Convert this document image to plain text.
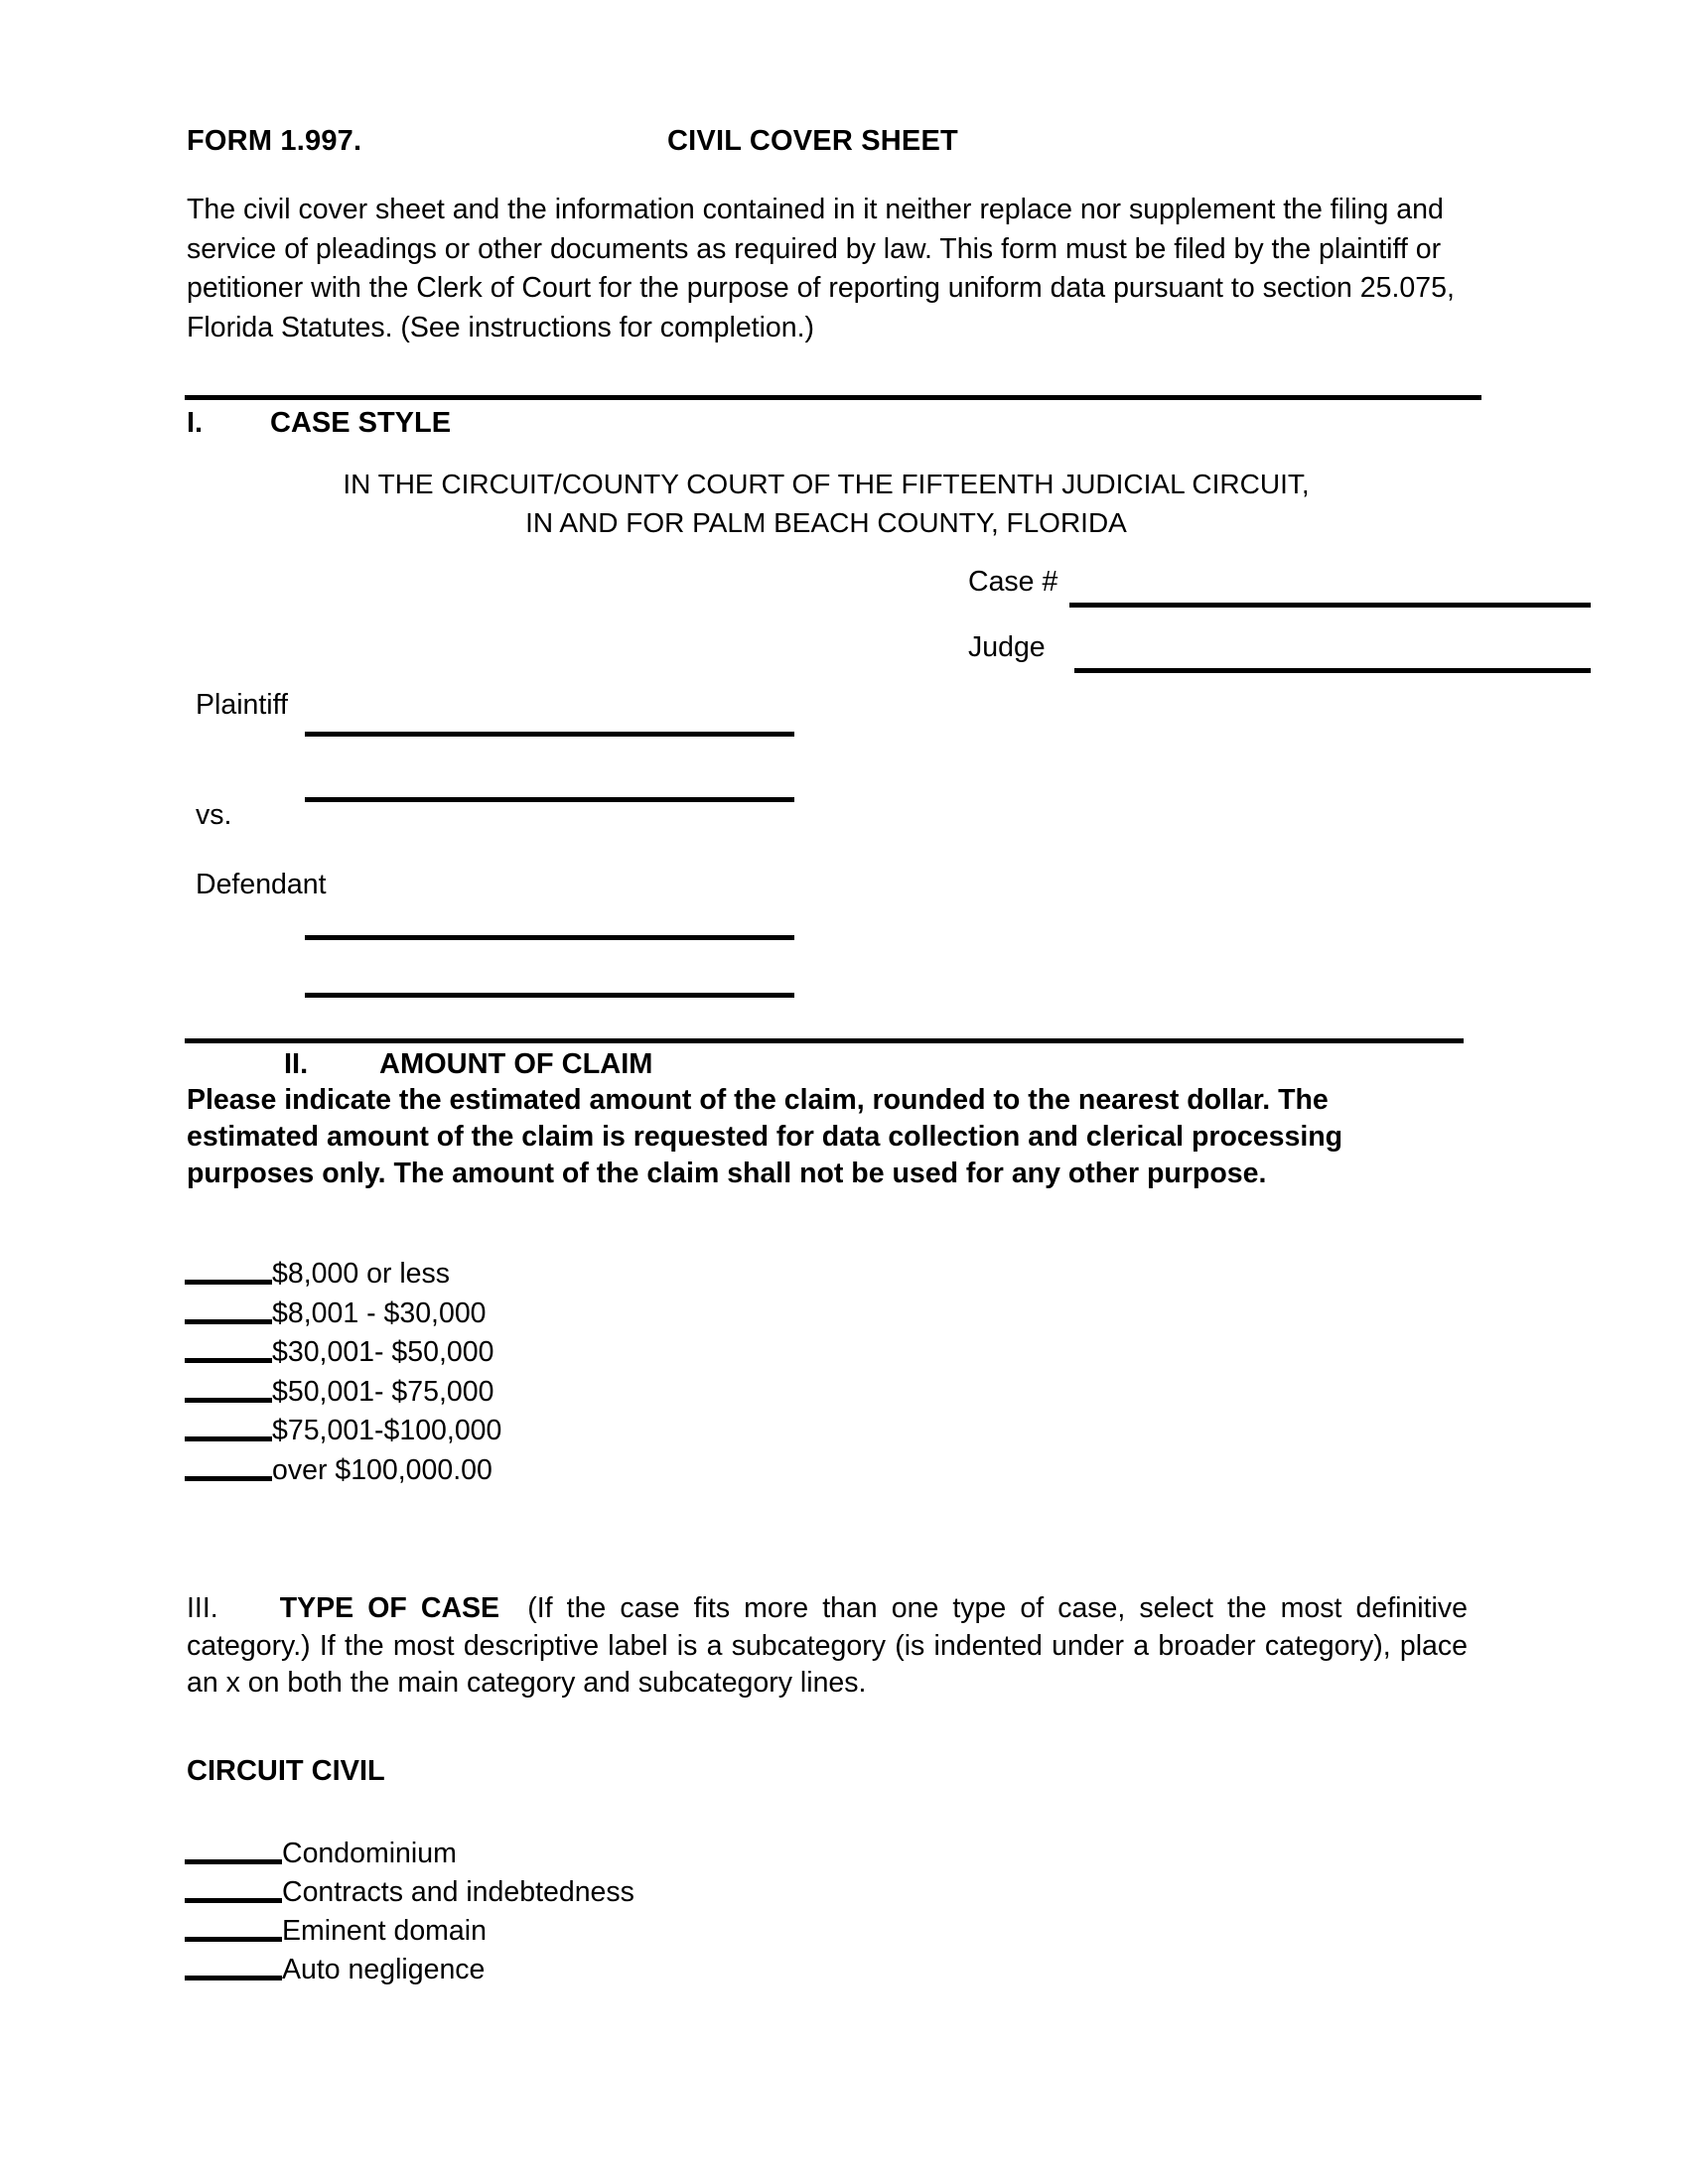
FORM 1.997.	CIVIL COVER SHEET
The civil cover sheet and the information contained in it neither replace nor supplement the filing and service of pleadings or other documents as required by law. This form must be filed by the plaintiff or petitioner with the Clerk of Court for the purpose of reporting uniform data pursuant to section 25.075, Florida Statutes. (See instructions for completion.)
I. CASE STYLE
IN THE CIRCUIT/COUNTY COURT OF THE FIFTEENTH JUDICIAL CIRCUIT,
IN AND FOR PALM BEACH COUNTY, FLORIDA
Case #
Judge
Plaintiff
vs.
Defendant
II. AMOUNT OF CLAIM
Please indicate the estimated amount of the claim, rounded to the nearest dollar. The estimated amount of the claim is requested for data collection and clerical processing purposes only. The amount of the claim shall not be used for any other purpose.
$8,000 or less
$8,001 - $30,000
$30,001- $50,000
$50,001- $75,000
$75,001-$100,000
over $100,000.00
III. TYPE OF CASE (If the case fits more than one type of case, select the most definitive category.) If the most descriptive label is a subcategory (is indented under a broader category), place an x on both the main category and subcategory lines.
CIRCUIT CIVIL
Condominium
Contracts and indebtedness
Eminent domain
Auto negligence
